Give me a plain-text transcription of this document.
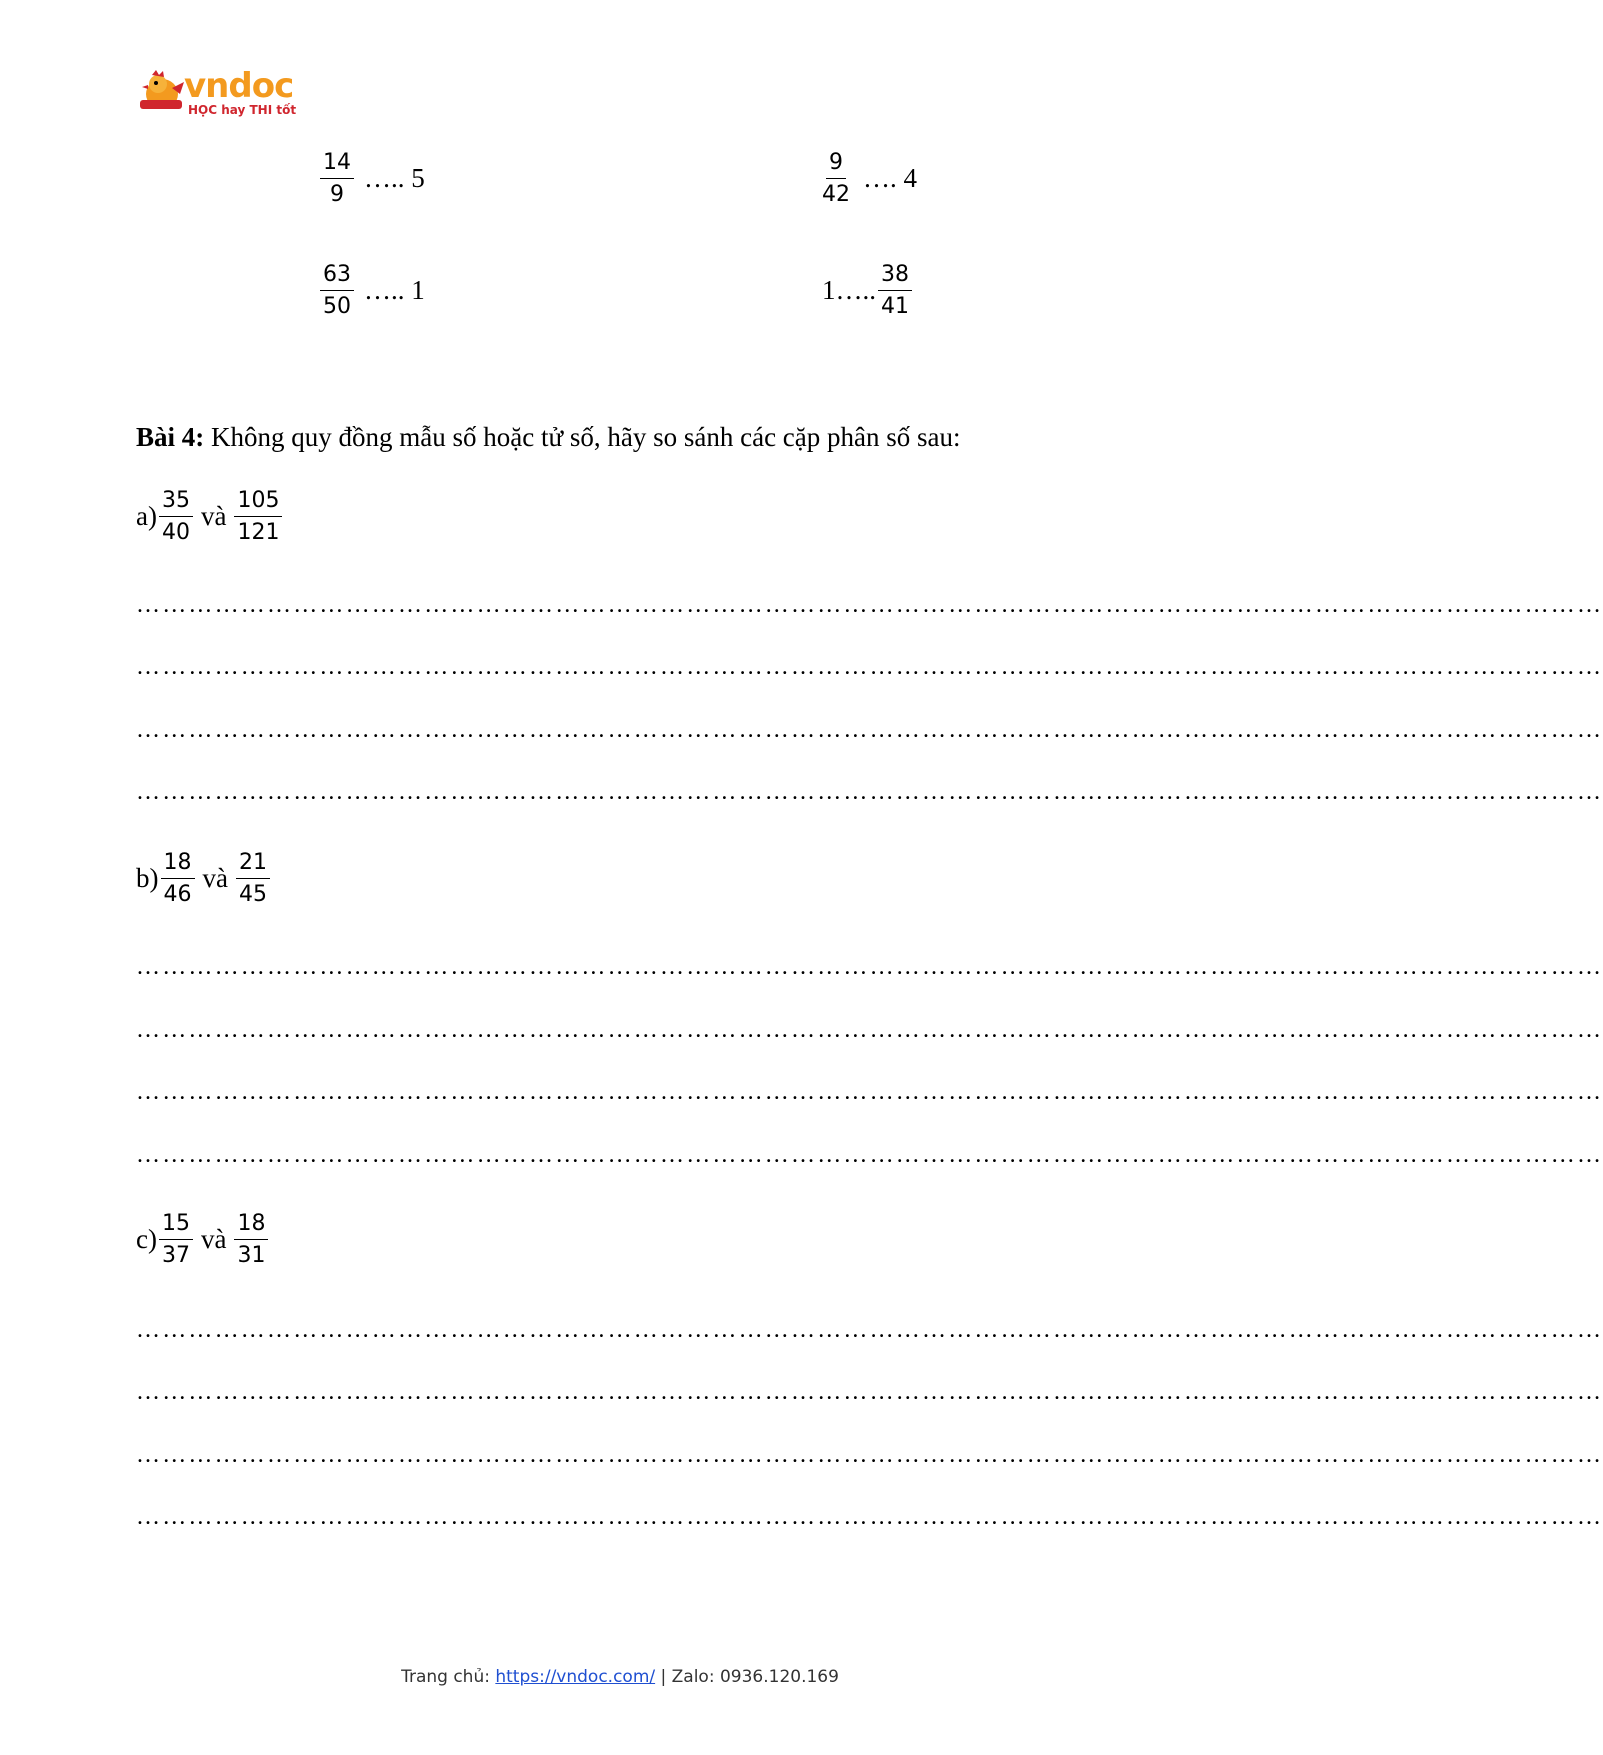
vndoc
HỌC hay THI tốt
$\frac{14}{9}$ ….. 5	$\frac{9}{42}$ …. 4
$\frac{63}{50}$ ….. 1	1….. $\frac{38}{41}$
Bài 4: Không quy đồng mẫu số hoặc tử số, hãy so sánh các cặp phân số sau:
$a) \frac{35}{40}$ và $\frac{105}{121}$
……………………………………………………………………………………………………………………………………………………
……………………………………………………………………………………………………………………………………………………
……………………………………………………………………………………………………………………………………………………
……………………………………………………………………………………………………………………………………………………
$b) \frac{18}{46}$ và $\frac{21}{45}$
……………………………………………………………………………………………………………………………………………………
……………………………………………………………………………………………………………………………………………………
……………………………………………………………………………………………………………………………………………………
……………………………………………………………………………………………………………………………………………………
$c) \frac{15}{37}$ và $\frac{18}{31}$
……………………………………………………………………………………………………………………………………………………
……………………………………………………………………………………………………………………………………………………
……………………………………………………………………………………………………………………………………………………
……………………………………………………………………………………………………………………………………………………
Trang chủ: https://vndoc.com/ | Zalo: 0936.120.169
